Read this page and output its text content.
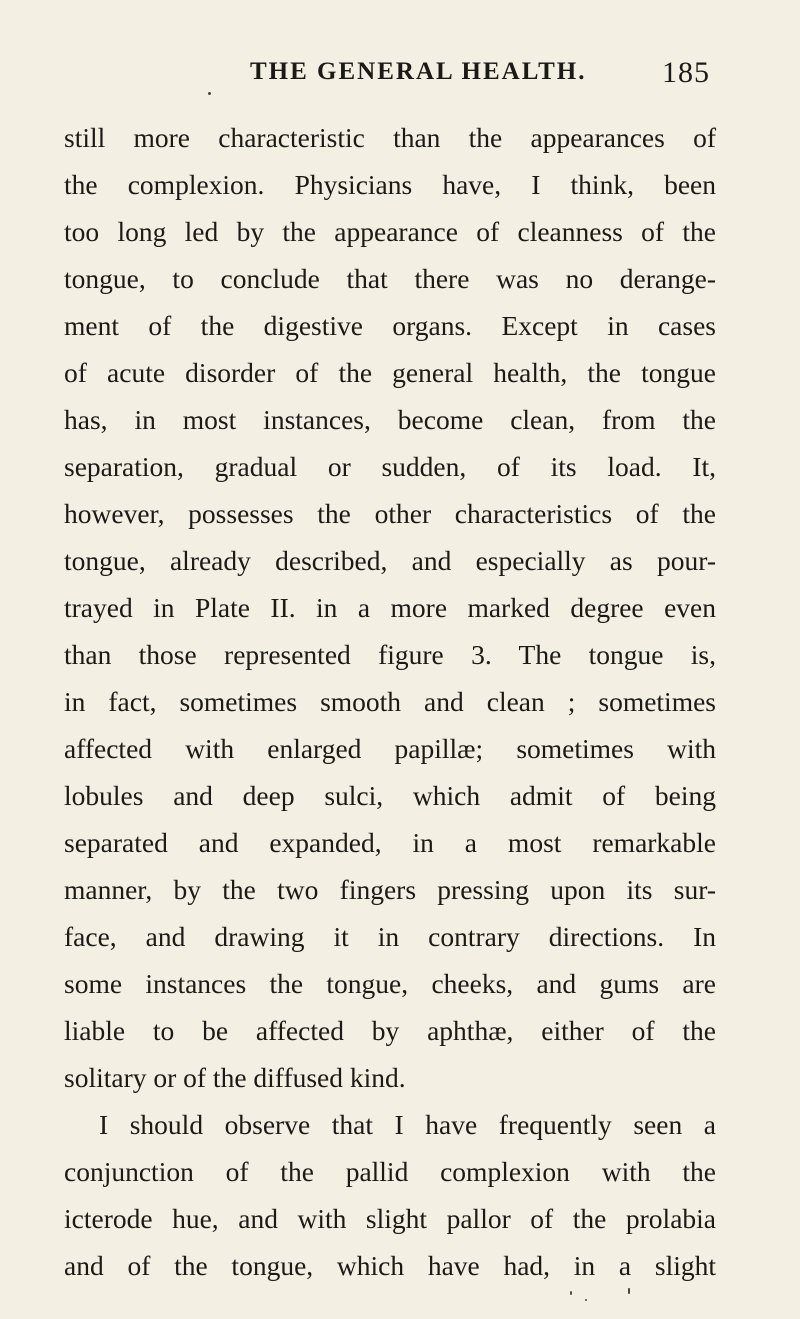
THE GENERAL HEALTH.	185
still more characteristic than the appearances of
the complexion. Physicians have, I think, been
too long led by the appearance of cleanness of the
tongue, to conclude that there was no derange-
ment of the digestive organs. Except in cases
of acute disorder of the general health, the tongue
has, in most instances, become clean, from the
separation, gradual or sudden, of its load. It,
however, possesses the other characteristics of the
tongue, already described, and especially as pour-
trayed in Plate II. in a more marked degree even
than those represented figure 3. The tongue is,
in fact, sometimes smooth and clean ; sometimes
affected with enlarged papillæ; sometimes with
lobules and deep sulci, which admit of being
separated and expanded, in a most remarkable
manner, by the two fingers pressing upon its sur-
face, and drawing it in contrary directions. In
some instances the tongue, cheeks, and gums are
liable to be affected by aphthæ, either of the
solitary or of the diffused kind.
I should observe that I have frequently seen a
conjunction of the pallid complexion with the
icterode hue, and with slight pallor of the prolabia
and of the tongue, which have had, in a slight
